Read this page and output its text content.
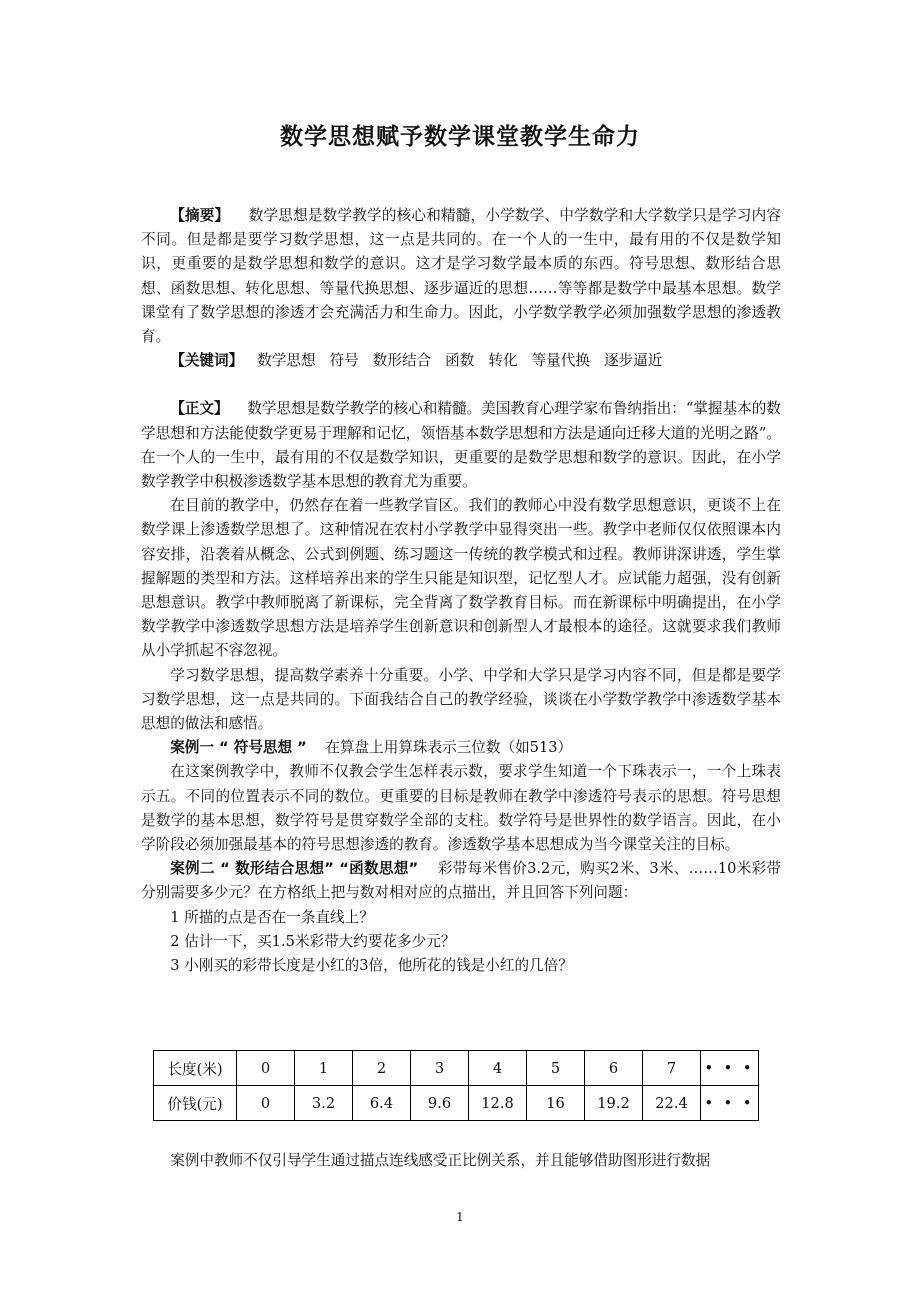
数学思想赋予数学课堂教学生命力

【摘要】 数学思想是数学教学的核心和精髓，小学数学、中学数学和大学数学只是学习内容不同。但是都是要学习数学思想，这一点是共同的。在一个人的一生中，最有用的不仅是数学知识，更重要的是数学思想和数学的意识。这才是学习数学最本质的东西。符号思想、数形结合思想、函数思想、转化思想、等量代换思想、逐步逼近的思想……等等都是数学中最基本思想。数学课堂有了数学思想的渗透才会充满活力和生命力。因此，小学数学教学必须加强数学思想的渗透教育。

【关键词】 数学思想 符号 数形结合 函数 转化 等量代换 逐步逼近

【正文】 数学思想是数学教学的核心和精髓。美国教育心理学家布鲁纳指出：“掌握基本的数学思想和方法能使数学更易于理解和记忆，领悟基本数学思想和方法是通向迁移大道的光明之路”。在一个人的一生中，最有用的不仅是数学知识，更重要的是数学思想和数学的意识。因此，在小学数学教学中积极渗透数学基本思想的教育尤为重要。

在目前的教学中，仍然存在着一些教学盲区。我们的教师心中没有数学思想意识，更谈不上在数学课上渗透数学思想了。这种情况在农村小学教学中显得突出一些。教学中老师仅仅依照课本内容安排，沿袭着从概念、公式到例题、练习题这一传统的教学模式和过程。教师讲深讲透，学生掌握解题的类型和方法。这样培养出来的学生只能是知识型，记忆型人才。应试能力超强，没有创新思想意识。教学中教师脱离了新课标，完全背离了数学教育目标。而在新课标中明确提出，在小学数学教学中渗透数学思想方法是培养学生创新意识和创新型人才最根本的途径。这就要求我们教师从小学抓起不容忽视。

学习数学思想，提高数学素养十分重要。小学、中学和大学只是学习内容不同，但是都是要学习数学思想，这一点是共同的。下面我结合自己的教学经验，谈谈在小学数学教学中渗透数学基本思想的做法和感悟。

案例一 “ 符号思想 ” 在算盘上用算珠表示三位数（如513）

在这案例教学中，教师不仅教会学生怎样表示数，要求学生知道一个下珠表示一，一个上珠表示五。不同的位置表示不同的数位。更重要的目标是教师在教学中渗透符号表示的思想。符号思想是数学的基本思想，数学符号是贯穿数学全部的支柱。数学符号是世界性的数学语言。因此，在小学阶段必须加强最基本的符号思想渗透的教育。渗透数学基本思想成为当今课堂关注的目标。

案例二 “ 数形结合思想” “函数思想” 彩带每米售价3.2元，购买2米、3米、……10米彩带分别需要多少元？在方格纸上把与数对相对应的点描出，并且回答下列问题：

1 所描的点是否在一条直线上？

2 估计一下，买1.5米彩带大约要花多少元？

3 小刚买的彩带长度是小红的3倍，他所花的钱是小红的几倍？

长度(米)	0	1	2	3	4	5	6	7	• • •
价钱(元)	0	3.2	6.4	9.6	12.8	16	19.2	22.4	• • •

案例中教师不仅引导学生通过描点连线感受正比例关系，并且能够借助图形进行数据

1
